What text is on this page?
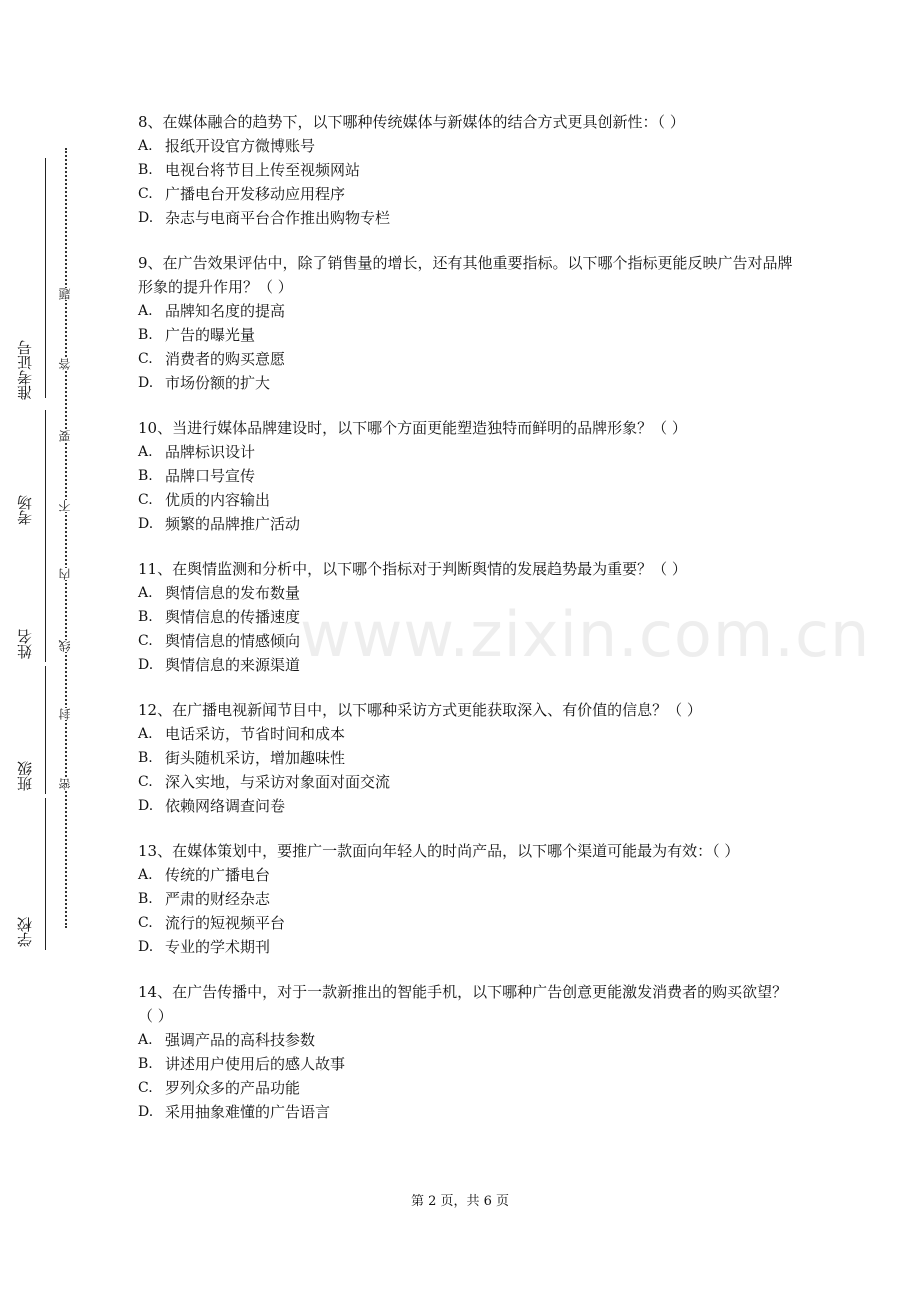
准考证号
考场
姓名
班级
学校
题
答
要
不
内
线
封
密
www.zixin.com.cn
8、在媒体融合的趋势下，以下哪种传统媒体与新媒体的结合方式更具创新性：（ ）
A. 报纸开设官方微博账号
B. 电视台将节目上传至视频网站
C. 广播电台开发移动应用程序
D. 杂志与电商平台合作推出购物专栏
9、在广告效果评估中，除了销售量的增长，还有其他重要指标。以下哪个指标更能反映广告对品牌形象的提升作用？（ ）
A. 品牌知名度的提高
B. 广告的曝光量
C. 消费者的购买意愿
D. 市场份额的扩大
10、当进行媒体品牌建设时，以下哪个方面更能塑造独特而鲜明的品牌形象？（ ）
A. 品牌标识设计
B. 品牌口号宣传
C. 优质的内容输出
D. 频繁的品牌推广活动
11、在舆情监测和分析中，以下哪个指标对于判断舆情的发展趋势最为重要？（ ）
A. 舆情信息的发布数量
B. 舆情信息的传播速度
C. 舆情信息的情感倾向
D. 舆情信息的来源渠道
12、在广播电视新闻节目中，以下哪种采访方式更能获取深入、有价值的信息？（ ）
A. 电话采访，节省时间和成本
B. 街头随机采访，增加趣味性
C. 深入实地，与采访对象面对面交流
D. 依赖网络调查问卷
13、在媒体策划中，要推广一款面向年轻人的时尚产品，以下哪个渠道可能最为有效：（ ）
A. 传统的广播电台
B. 严肃的财经杂志
C. 流行的短视频平台
D. 专业的学术期刊
14、在广告传播中，对于一款新推出的智能手机，以下哪种广告创意更能激发消费者的购买欲望？（ ）
A. 强调产品的高科技参数
B. 讲述用户使用后的感人故事
C. 罗列众多的产品功能
D. 采用抽象难懂的广告语言
第 2 页，共 6 页
